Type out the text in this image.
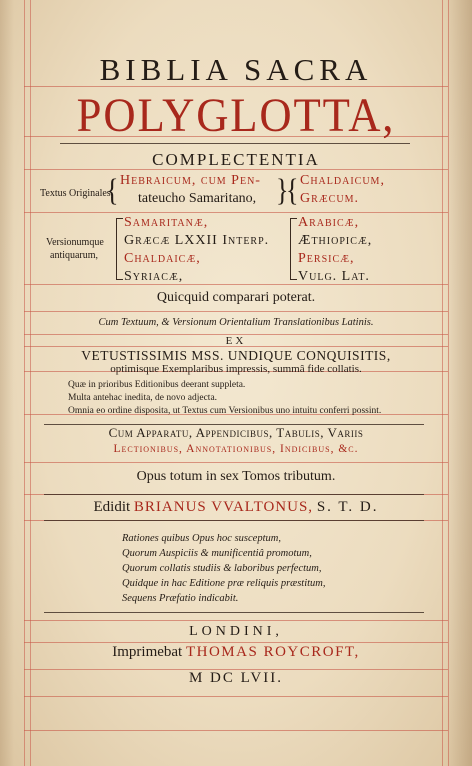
BIBLIA SACRA
POLYGLOTTA,
COMPLECTENTIA
Textus Originales,
{ Hebraicum, cum Pen-
tateucho Samaritano, }
{ Chaldaicum,
Græcum.
Versionumque
antiquarum,
Samaritanæ,
Græcæ LXXII Interp.
Chaldaicæ,
Syriacæ,
Arabicæ,
Æthiopicæ,
Persicæ,
Vulg. Lat.
Quicquid comparari poterat.
Cum Textuum, & Versionum Orientalium Translationibus Latinis.
EX
VETUSTISSIMIS MSS. UNDIQUE CONQUISITIS,
optimisque Exemplaribus impressis, summâ fide collatis.
Quæ in prioribus Editionibus deerant suppleta.
Multa antehac inedita, de novo adjecta.
Omnia eo ordine disposita, ut Textus cum Versionibus uno intuitu conferri possint.
Cum Apparatu, Appendicibus, Tabulis, Variis
Lectionibus, Annotationibus, Indicibus, &c.
Opus totum in sex Tomos tributum.
Edidit BRIANUS VVALTONUS, S. T. D.
Rationes quibus Opus hoc susceptum,
Quorum Auspiciis & munificentiâ promotum,
Quorum collatis studiis & laboribus perfectum,
Quidque in hac Editione præ reliquis præstitum,
Sequens Præfatio indicabit.
LONDINI,
Imprimebat THOMAS ROYCROFT,
M DC LVII.
